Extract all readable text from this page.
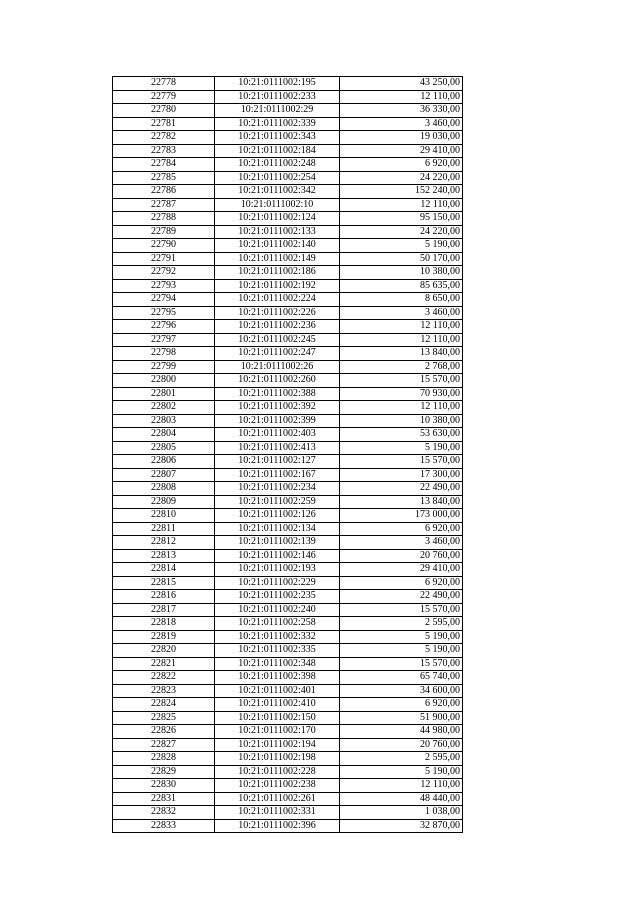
22778	10:21:0111002:195	43 250,00
22779	10:21:0111002:233	12 110,00
22780	10:21:0111002:29	36 330,00
22781	10:21:0111002:339	3 460,00
22782	10:21:0111002:343	19 030,00
22783	10:21:0111002:184	29 410,00
22784	10:21:0111002:248	6 920,00
22785	10:21:0111002:254	24 220,00
22786	10:21:0111002:342	152 240,00
22787	10:21:0111002:10	12 110,00
22788	10:21:0111002:124	95 150,00
22789	10:21:0111002:133	24 220,00
22790	10:21:0111002:140	5 190,00
22791	10:21:0111002:149	50 170,00
22792	10:21:0111002:186	10 380,00
22793	10:21:0111002:192	85 635,00
22794	10:21:0111002:224	8 650,00
22795	10:21:0111002:226	3 460,00
22796	10:21:0111002:236	12 110,00
22797	10:21:0111002:245	12 110,00
22798	10:21:0111002:247	13 840,00
22799	10:21:0111002:26	2 768,00
22800	10:21:0111002:260	15 570,00
22801	10:21:0111002:388	70 930,00
22802	10:21:0111002:392	12 110,00
22803	10:21:0111002:399	10 380,00
22804	10:21:0111002:403	53 630,00
22805	10:21:0111002:413	5 190,00
22806	10:21:0111002:127	15 570,00
22807	10:21:0111002:167	17 300,00
22808	10:21:0111002:234	22 490,00
22809	10:21:0111002:259	13 840,00
22810	10:21:0111002:126	173 000,00
22811	10:21:0111002:134	6 920,00
22812	10:21:0111002:139	3 460,00
22813	10:21:0111002:146	20 760,00
22814	10:21:0111002:193	29 410,00
22815	10:21:0111002:229	6 920,00
22816	10:21:0111002:235	22 490,00
22817	10:21:0111002:240	15 570,00
22818	10:21:0111002:258	2 595,00
22819	10:21:0111002:332	5 190,00
22820	10:21:0111002:335	5 190,00
22821	10:21:0111002:348	15 570,00
22822	10:21:0111002:398	65 740,00
22823	10:21:0111002:401	34 600,00
22824	10:21:0111002:410	6 920,00
22825	10:21:0111002:150	51 900,00
22826	10:21:0111002:170	44 980,00
22827	10:21:0111002:194	20 760,00
22828	10:21:0111002:198	2 595,00
22829	10:21:0111002:228	5 190,00
22830	10:21:0111002:238	12 110,00
22831	10:21:0111002:261	48 440,00
22832	10:21:0111002:331	1 038,00
22833	10:21:0111002:396	32 870,00
